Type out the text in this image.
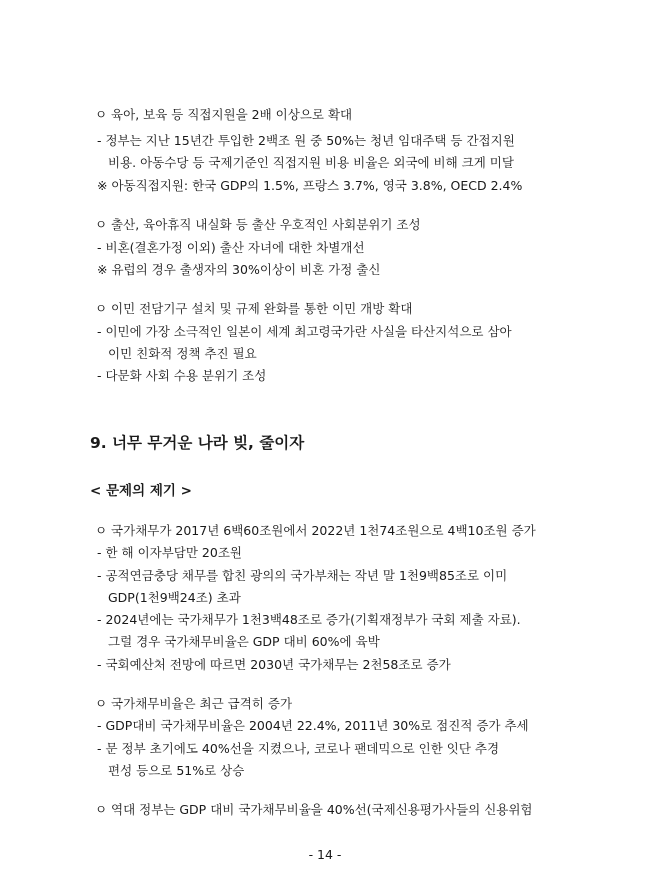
ㅇ 육아, 보육 등 직접지원을 2배 이상으로 확대
- 정부는 지난 15년간 투입한 2백조 원 중 50%는 청년 임대주택 등 간접지원
비용. 아동수당 등 국제기준인 직접지원 비용 비율은 외국에 비해 크게 미달
※ 아동직접지원: 한국 GDP의 1.5%, 프랑스 3.7%, 영국 3.8%, OECD 2.4%
ㅇ 출산, 육아휴직 내실화 등 출산 우호적인 사회분위기 조성
- 비혼(결혼가정 이외) 출산 자녀에 대한 차별개선
※ 유럽의 경우 출생자의 30%이상이 비혼 가정 출신
ㅇ 이민 전담기구 설치 및 규제 완화를 통한 이민 개방 확대
- 이민에 가장 소극적인 일본이 세계 최고령국가란 사실을 타산지석으로 삼아
이민 친화적 정책 추진 필요
- 다문화 사회 수용 분위기 조성
9. 너무 무거운 나라 빚, 줄이자
< 문제의 제기 >
ㅇ 국가채무가 2017년 6백60조원에서 2022년 1천74조원으로 4백10조원 증가
- 한 해 이자부담만 20조원
- 공적연금충당 채무를 합친 광의의 국가부채는 작년 말 1천9백85조로 이미
GDP(1천9백24조) 초과
- 2024년에는 국가채무가 1천3백48조로 증가(기획재정부가 국회 제출 자료).
그럴 경우 국가채무비율은 GDP 대비 60%에 육박
- 국회예산처 전망에 따르면 2030년 국가채무는 2천58조로 증가
ㅇ 국가채무비율은 최근 급격히 증가
- GDP대비 국가채무비율은 2004년 22.4%, 2011년 30%로 점진적 증가 추세
- 문 정부 초기에도 40%선을 지켰으나, 코로나 팬데믹으로 인한 잇단 추경
편성 등으로 51%로 상승
ㅇ 역대 정부는 GDP 대비 국가채무비율을 40%선(국제신용평가사들의 신용위험
- 14 -
